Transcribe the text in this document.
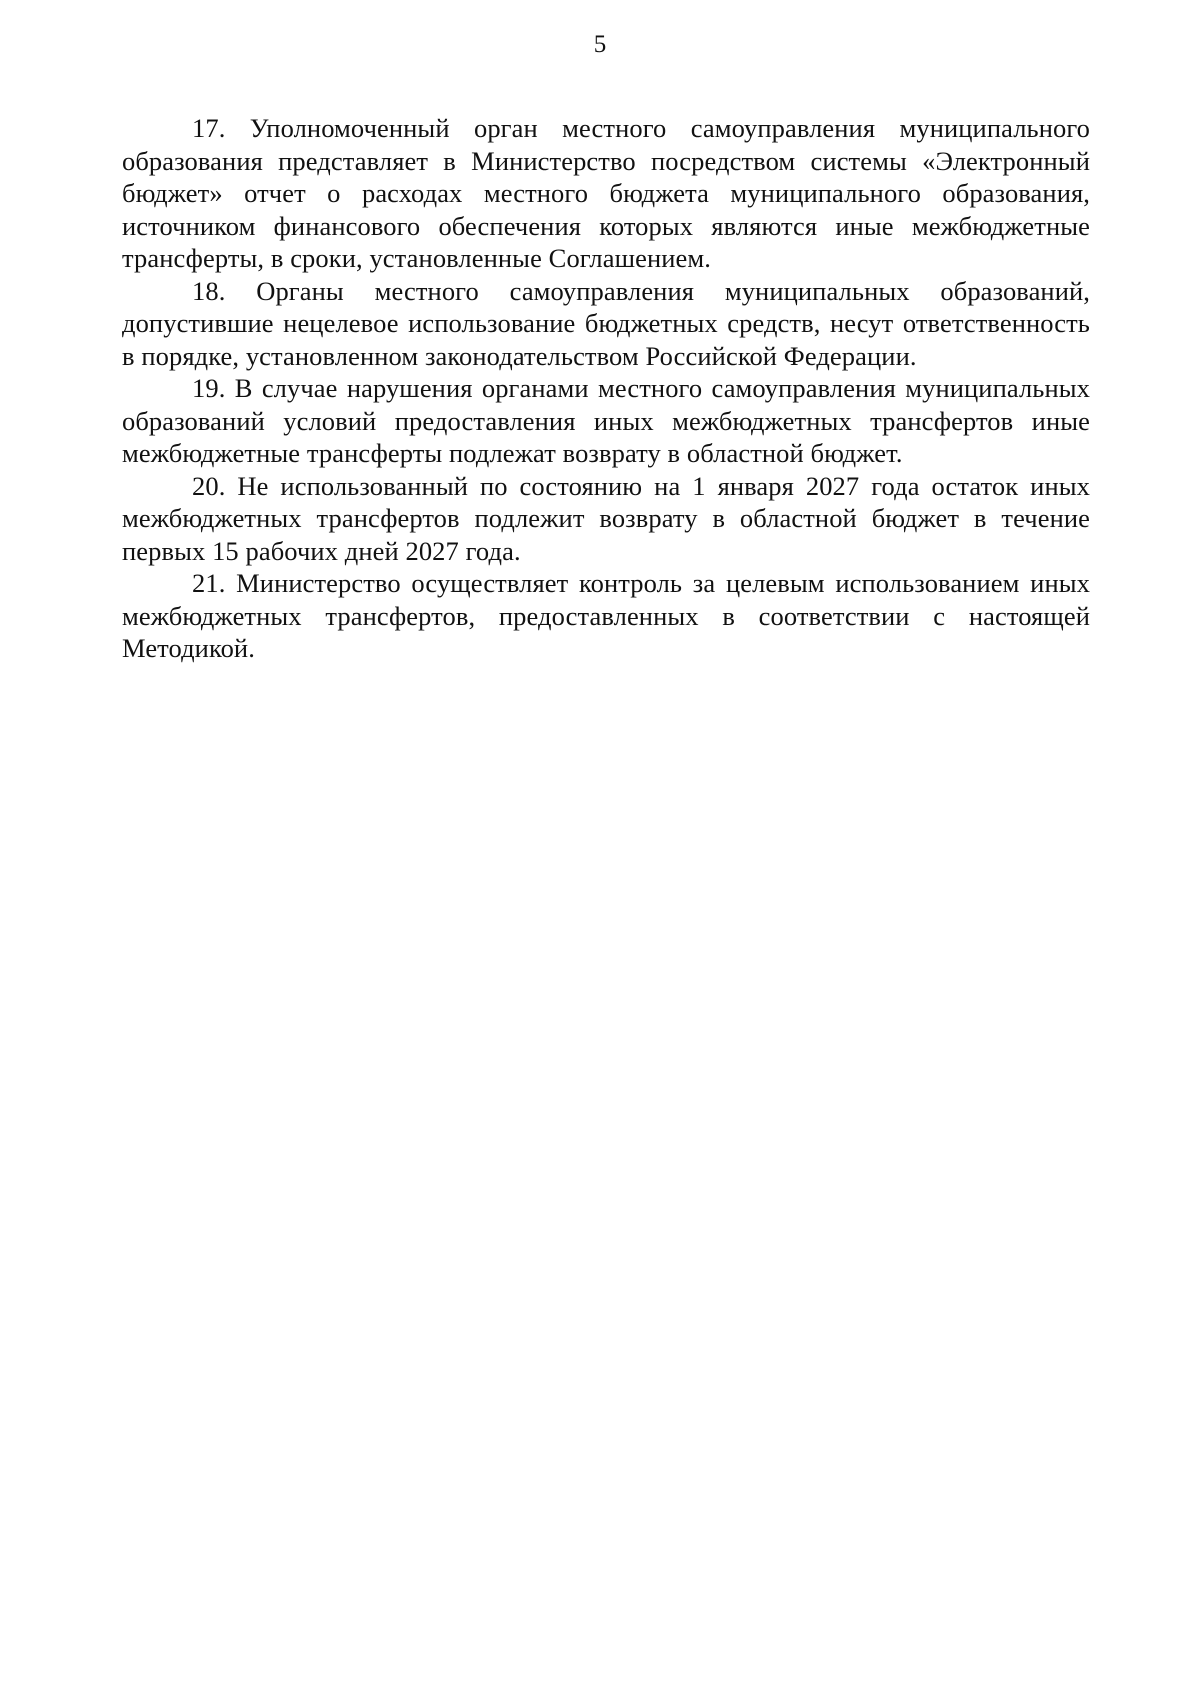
5

17. Уполномоченный орган местного самоуправления муниципального образования представляет в Министерство посредством системы «Электронный бюджет» отчет о расходах местного бюджета муниципального образования, источником финансового обеспечения которых являются иные межбюджетные трансферты, в сроки, установленные Соглашением.

18. Органы местного самоуправления муниципальных образований, допустившие нецелевое использование бюджетных средств, несут ответственность в порядке, установленном законодательством Российской Федерации.

19. В случае нарушения органами местного самоуправления муниципальных образований условий предоставления иных межбюджетных трансфертов иные межбюджетные трансферты подлежат возврату в областной бюджет.

20. Не использованный по состоянию на 1 января 2027 года остаток иных межбюджетных трансфертов подлежит возврату в областной бюджет в течение первых 15 рабочих дней 2027 года.

21. Министерство осуществляет контроль за целевым использованием иных межбюджетных трансфертов, предоставленных в соответствии с настоящей Методикой.
